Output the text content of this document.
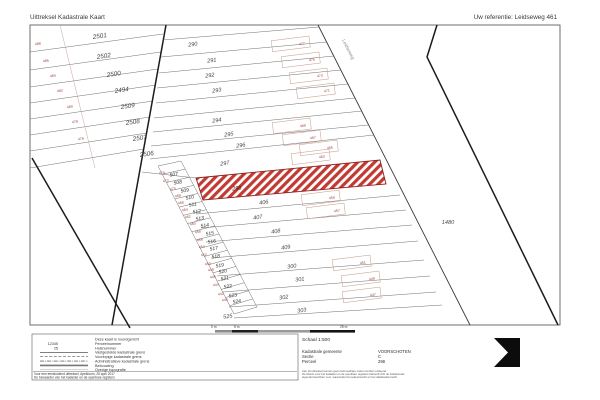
Uittreksel Kadastrale Kaart	Uw referentie: Leidseweg 461
2501
2502
2500
2494
2509
2508
2507
2506
290
291
292
293
294
295
296
297
406
407
408
409
300
301
302
303
525
298
1480
507
508
509
510
511
512
513
514
515
516
517
518
519
520
521
522
523
524
488
486
484
482
480
478
476
474
472
470
468
466
464
462
460
458
456
454
452
450
448
446
444
442
440
477
475
473
471
469
467
465
463
459
457
451
449
447
Leidseweg
0 m	5 m	25 m
Deze kaart is noordgericht
Perceelnummer
12345
Huisnummer
25
Vastgestelde kadastrale grens
Voorlopige kadastrale grens
Administratieve kadastrale grens
Bebouwing
Overige topografie
Voor een eensluidend uittreksel, Apeldoorn, 25 april 2017
De bewaarder van het kadaster en de openbare registers
Schaal 1:500
Kadastrale gemeente	VOORSCHOTEN
Sectie	C
Perceel	298
Aan dit uittreksel kunnen geen betrouwbare maten worden ontleend.
De Dienst voor het kadaster en de openbare registers behoudt zich de intellectuele
eigendomsrechten voor, waaronder het auteursrecht en het databankenrecht.
